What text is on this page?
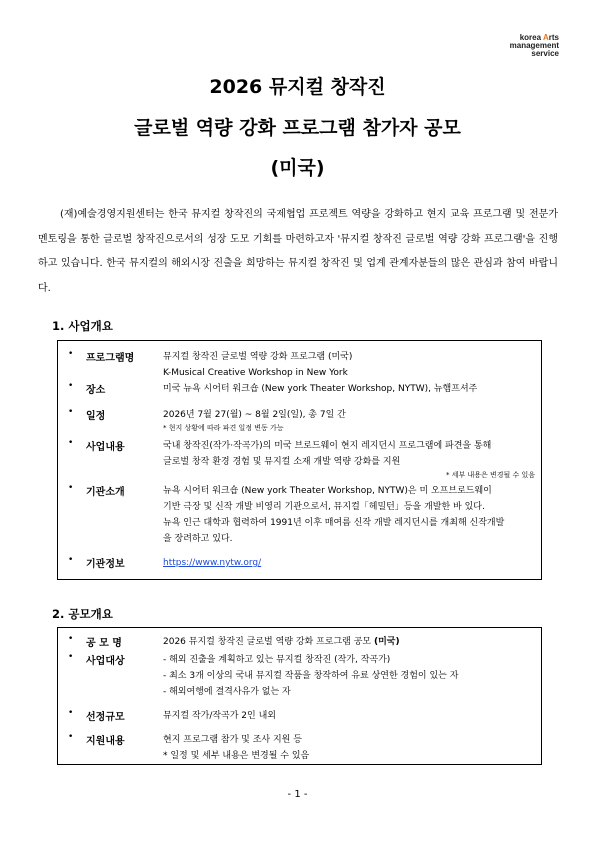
korea Arts
management
service
2026 뮤지컬 창작진
글로벌 역량 강화 프로그램 참가자 공모
(미국)
(재)예술경영지원센터는 한국 뮤지컬 창작진의 국제협업 프로젝트 역량을 강화하고 현지 교육 프로그램 및 전문가 멘토링을 통한 글로벌 창작진으로서의 성장 도모 기회를 마련하고자 '뮤지컬 창작진 글로벌 역량 강화 프로그램'을 진행하고 있습니다. 한국 뮤지컬의 해외시장 진출을 희망하는 뮤지컬 창작진 및 업계 관계자분들의 많은 관심과 참여 바랍니다.
1. 사업개요
• 프로그램명	뮤지컬 창작진 글로벌 역량 강화 프로그램 (미국)
K-Musical Creative Workshop in New York
• 장소	미국 뉴욕 시어터 워크숍 (New york Theater Workshop, NYTW), 뉴햄프셔주
• 일정	2026년 7월 27(월) ~ 8월 2일(일), 총 7일 간
* 현지 상황에 따라 파견 일정 변동 가능
• 사업내용	국내 창작진(작가·작곡가)의 미국 브로드웨이 현지 레지던시 프로그램에 파견을 통해
글로벌 창작 환경 경험 및 뮤지컬 소재 개발 역량 강화를 지원
* 세부 내용은 변경될 수 있음
• 기관소개	뉴욕 시어터 워크숍 (New york Theater Workshop, NYTW)은 미 오프브로드웨이
기반 극장 및 신작 개발 비영리 기관으로서, 뮤지컬「헤밀턴」등을 개발한 바 있다.
뉴욕 인근 대학과 협력하여 1991년 이후 매여름 신작 개발 레지던시를 개최해 신작개발
을 장려하고 있다.
• 기관정보	https://www.nytw.org/
2. 공모개요
• 공 모 명	2026 뮤지컬 창작진 글로벌 역량 강화 프로그램 공모 (미국)
• 사업대상	- 해외 진출을 계획하고 있는 뮤지컬 창작진 (작가, 작곡가)
- 최소 3개 이상의 국내 뮤지컬 작품을 창작하여 유료 상연한 경험이 있는 자
- 해외여행에 결격사유가 없는 자
• 선정규모	뮤지컬 작가/작곡가 2인 내외
• 지원내용	현지 프로그램 참가 및 조사 지원 등
* 일정 및 세부 내용은 변경될 수 있음
- 1 -
